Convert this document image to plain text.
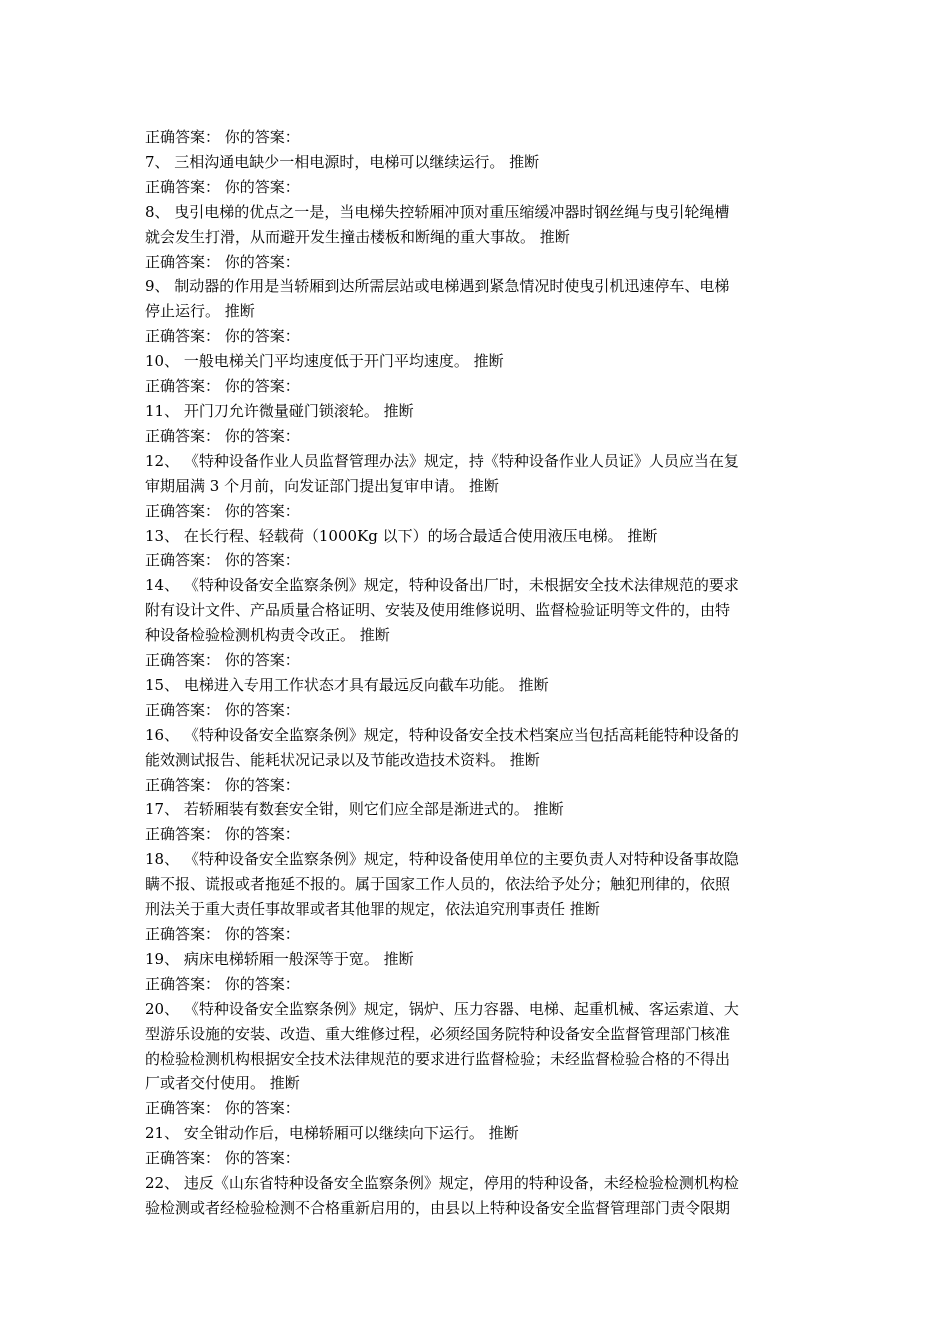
正确答案： 你的答案：
7、 三相沟通电缺少一相电源时，电梯可以继续运行。 推断
正确答案： 你的答案：
8、 曳引电梯的优点之一是，当电梯失控轿厢冲顶对重压缩缓冲器时钢丝绳与曳引轮绳槽
就会发生打滑，从而避开发生撞击楼板和断绳的重大事故。 推断
正确答案： 你的答案：
9、 制动器的作用是当轿厢到达所需层站或电梯遇到紧急情况时使曳引机迅速停车、电梯
停止运行。 推断
正确答案： 你的答案：
10、 一般电梯关门平均速度低于开门平均速度。 推断
正确答案： 你的答案：
11、 开门刀允许微量碰门锁滚轮。 推断
正确答案： 你的答案：
12、 《特种设备作业人员监督管理办法》规定，持《特种设备作业人员证》人员应当在复
审期届满 3 个月前，向发证部门提出复审申请。 推断
正确答案： 你的答案：
13、 在长行程、轻载荷（1000Kg 以下）的场合最适合使用液压电梯。 推断
正确答案： 你的答案：
14、 《特种设备安全监察条例》规定，特种设备出厂时，未根据安全技术法律规范的要求
附有设计文件、产品质量合格证明、安装及使用维修说明、监督检验证明等文件的，由特
种设备检验检测机构责令改正。 推断
正确答案： 你的答案：
15、 电梯进入专用工作状态才具有最远反向截车功能。 推断
正确答案： 你的答案：
16、 《特种设备安全监察条例》规定，特种设备安全技术档案应当包括高耗能特种设备的
能效测试报告、能耗状况记录以及节能改造技术资料。 推断
正确答案： 你的答案：
17、 若轿厢装有数套安全钳，则它们应全部是渐进式的。 推断
正确答案： 你的答案：
18、 《特种设备安全监察条例》规定，特种设备使用单位的主要负责人对特种设备事故隐
瞒不报、谎报或者拖延不报的。属于国家工作人员的，依法给予处分；触犯刑律的，依照
刑法关于重大责任事故罪或者其他罪的规定，依法追究刑事责任 推断
正确答案： 你的答案：
19、 病床电梯轿厢一般深等于宽。 推断
正确答案： 你的答案：
20、 《特种设备安全监察条例》规定，锅炉、压力容器、电梯、起重机械、客运索道、大
型游乐设施的安装、改造、重大维修过程，必须经国务院特种设备安全监督管理部门核准
的检验检测机构根据安全技术法律规范的要求进行监督检验；未经监督检验合格的不得出
厂或者交付使用。 推断
正确答案： 你的答案：
21、 安全钳动作后，电梯轿厢可以继续向下运行。 推断
正确答案： 你的答案：
22、 违反《山东省特种设备安全监察条例》规定，停用的特种设备，未经检验检测机构检
验检测或者经检验检测不合格重新启用的，由县以上特种设备安全监督管理部门责令限期
